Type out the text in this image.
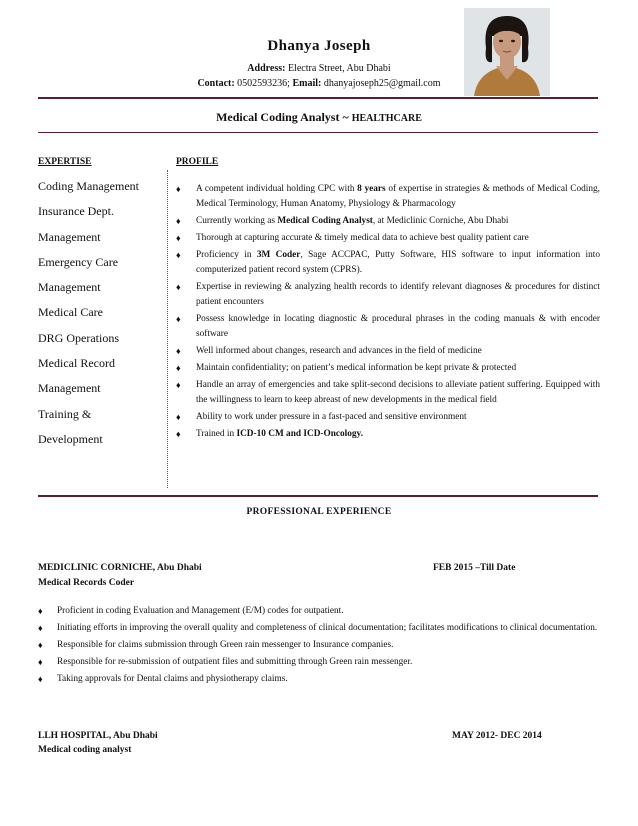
Dhanya Joseph
Address: Electra Street, Abu Dhabi
Contact: 0502593236; Email: dhanyajoseph25@gmail.com
Medical Coding Analyst ~ HEALTHCARE
EXPERTISE
Coding Management
Insurance Dept.
Management
Emergency Care
Management
Medical Care
DRG Operations
Medical Record
Management
Training &
Development
PROFILE
♦ A competent individual holding CPC with 8 years of expertise in strategies & methods of Medical Coding, Medical Terminology, Human Anatomy, Physiology & Pharmacology
♦ Currently working as Medical Coding Analyst, at Mediclinic Corniche, Abu Dhabi
♦ Thorough at capturing accurate & timely medical data to achieve best quality patient care
♦ Proficiency in 3M Coder, Sage ACCPAC, Putty Software, HIS software to input information into computerized patient record system (CPRS).
♦ Expertise in reviewing & analyzing health records to identify relevant diagnoses & procedures for distinct patient encounters
♦ Possess knowledge in locating diagnostic & procedural phrases in the coding manuals & with encoder software
♦ Well informed about changes, research and advances in the field of medicine
♦ Maintain confidentiality; on patient’s medical information be kept private & protected
♦ Handle an array of emergencies and take split-second decisions to alleviate patient suffering. Equipped with the willingness to learn to keep abreast of new developments in the medical field
♦ Ability to work under pressure in a fast-paced and sensitive environment
♦ Trained in ICD-10 CM and ICD-Oncology.
PROFESSIONAL EXPERIENCE
MEDICLINIC CORNICHE, Abu Dhabi	FEB 2015 –Till Date
Medical Records Coder
♦ Proficient in coding Evaluation and Management (E/M) codes for outpatient.
♦ Initiating efforts in improving the overall quality and completeness of clinical documentation; facilitates modifications to clinical documentation.
♦ Responsible for claims submission through Green rain messenger to Insurance companies.
♦ Responsible for re-submission of outpatient files and submitting through Green rain messenger.
♦ Taking approvals for Dental claims and physiotherapy claims.
LLH HOSPITAL, Abu Dhabi	MAY 2012- DEC 2014
Medical coding analyst
